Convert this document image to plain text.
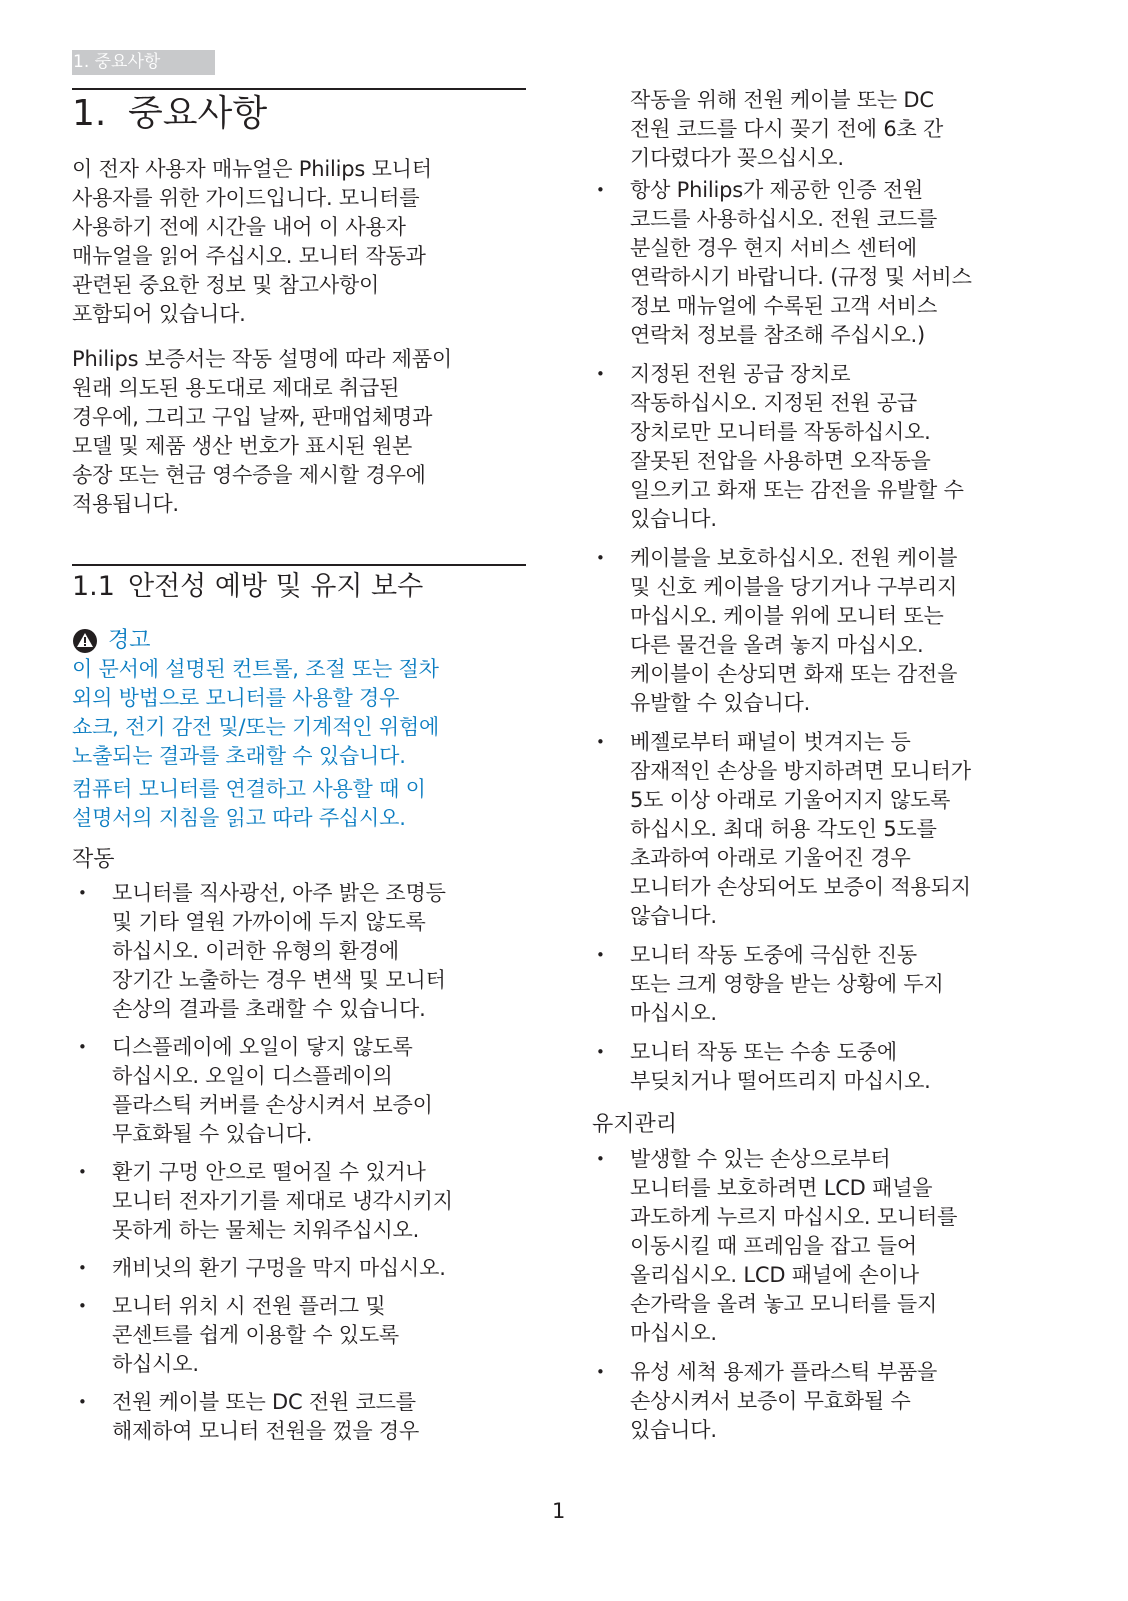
1. 중요사항
1. 중요사항

이 전자 사용자 매뉴얼은 Philips 모니터
사용자를 위한 가이드입니다. 모니터를
사용하기 전에 시간을 내어 이 사용자
매뉴얼을 읽어 주십시오. 모니터 작동과
관련된 중요한 정보 및 참고사항이
포함되어 있습니다.

Philips 보증서는 작동 설명에 따라 제품이
원래 의도된 용도대로 제대로 취급된
경우에, 그리고 구입 날짜, 판매업체명과
모델 및 제품 생산 번호가 표시된 원본
송장 또는 현금 영수증을 제시할 경우에
적용됩니다.

1.1 안전성 예방 및 유지 보수
경고

이 문서에 설명된 컨트롤, 조절 또는 절차
외의 방법으로 모니터를 사용할 경우
쇼크, 전기 감전 및/또는 기계적인 위험에
노출되는 결과를 초래할 수 있습니다.

컴퓨터 모니터를 연결하고 사용할 때 이
설명서의 지침을 읽고 따라 주십시오.

작동

• 모니터를 직사광선, 아주 밝은 조명등
및 기타 열원 가까이에 두지 않도록
하십시오. 이러한 유형의 환경에
장기간 노출하는 경우 변색 및 모니터
손상의 결과를 초래할 수 있습니다.
• 디스플레이에 오일이 닿지 않도록
하십시오. 오일이 디스플레이의
플라스틱 커버를 손상시켜서 보증이
무효화될 수 있습니다.
• 환기 구멍 안으로 떨어질 수 있거나
모니터 전자기기를 제대로 냉각시키지
못하게 하는 물체는 치워주십시오.
• 캐비닛의 환기 구멍을 막지 마십시오.
• 모니터 위치 시 전원 플러그 및
콘센트를 쉽게 이용할 수 있도록
하십시오.
• 전원 케이블 또는 DC 전원 코드를
해제하여 모니터 전원을 껐을 경우

작동을 위해 전원 케이블 또는 DC
전원 코드를 다시 꽂기 전에 6초 간
기다렸다가 꽂으십시오.

• 항상 Philips가 제공한 인증 전원
코드를 사용하십시오. 전원 코드를
분실한 경우 현지 서비스 센터에
연락하시기 바랍니다. (규정 및 서비스
정보 매뉴얼에 수록된 고객 서비스
연락처 정보를 참조해 주십시오.)
• 지정된 전원 공급 장치로
작동하십시오. 지정된 전원 공급
장치로만 모니터를 작동하십시오.
잘못된 전압을 사용하면 오작동을
일으키고 화재 또는 감전을 유발할 수
있습니다.
• 케이블을 보호하십시오. 전원 케이블
및 신호 케이블을 당기거나 구부리지
마십시오. 케이블 위에 모니터 또는
다른 물건을 올려 놓지 마십시오.
케이블이 손상되면 화재 또는 감전을
유발할 수 있습니다.
• 베젤로부터 패널이 벗겨지는 등
잠재적인 손상을 방지하려면 모니터가
5도 이상 아래로 기울어지지 않도록
하십시오. 최대 허용 각도인 5도를
초과하여 아래로 기울어진 경우
모니터가 손상되어도 보증이 적용되지
않습니다.
• 모니터 작동 도중에 극심한 진동
또는 크게 영향을 받는 상황에 두지
마십시오.
• 모니터 작동 또는 수송 도중에
부딪치거나 떨어뜨리지 마십시오.

유지관리

• 발생할 수 있는 손상으로부터
모니터를 보호하려면 LCD 패널을
과도하게 누르지 마십시오. 모니터를
이동시킬 때 프레임을 잡고 들어
올리십시오. LCD 패널에 손이나
손가락을 올려 놓고 모니터를 들지
마십시오.
• 유성 세척 용제가 플라스틱 부품을
손상시켜서 보증이 무효화될 수
있습니다.
1
